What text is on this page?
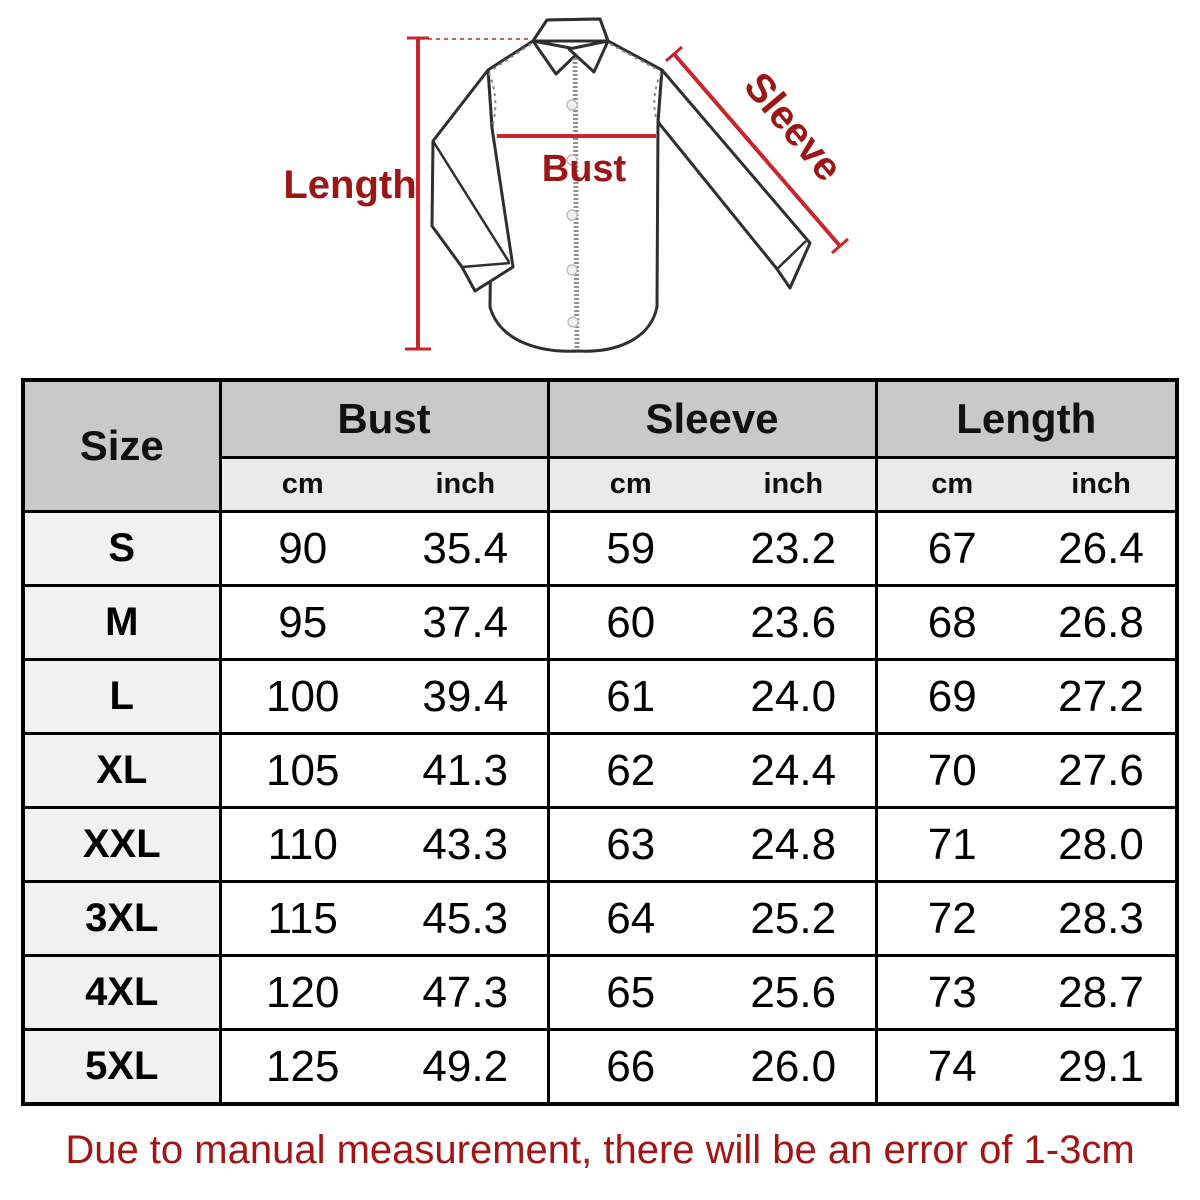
Length	Bust	Sleeve
Size	Bust		Sleeve		Length	
	cm	inch	cm	inch	cm	inch
S	90	35.4	59	23.2	67	26.4
M	95	37.4	60	23.6	68	26.8
L	100	39.4	61	24.0	69	27.2
XL	105	41.3	62	24.4	70	27.6
XXL	110	43.3	63	24.8	71	28.0
3XL	115	45.3	64	25.2	72	28.3
4XL	120	47.3	65	25.6	73	28.7
5XL	125	49.2	66	26.0	74	29.1
Due to manual measurement, there will be an error of 1-3cm
